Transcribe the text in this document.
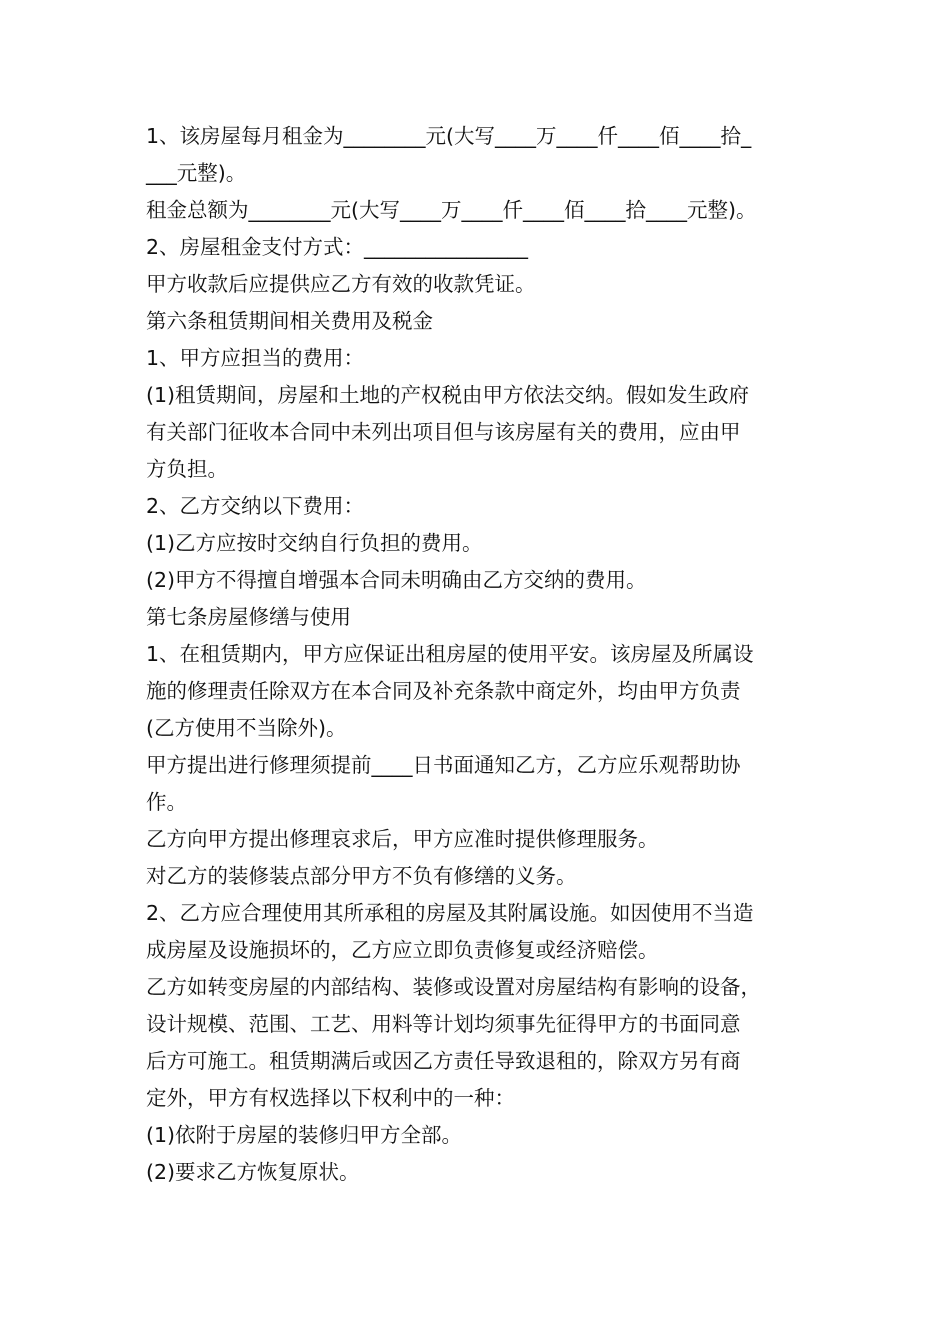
1、该房屋每月租金为________元(大写____万____仟____佰____拾_
___元整)。
租金总额为________元(大写____万____仟____佰____拾____元整)。
2、房屋租金支付方式：________________
甲方收款后应提供应乙方有效的收款凭证。
第六条租赁期间相关费用及税金
1、甲方应担当的费用：
(1)租赁期间，房屋和土地的产权税由甲方依法交纳。假如发生政府
有关部门征收本合同中未列出项目但与该房屋有关的费用，应由甲
方负担。
2、乙方交纳以下费用：
(1)乙方应按时交纳自行负担的费用。
(2)甲方不得擅自增强本合同未明确由乙方交纳的费用。
第七条房屋修缮与使用
1、在租赁期内，甲方应保证出租房屋的使用平安。该房屋及所属设
施的修理责任除双方在本合同及补充条款中商定外，均由甲方负责
(乙方使用不当除外)。
甲方提出进行修理须提前____日书面通知乙方，乙方应乐观帮助协
作。
乙方向甲方提出修理哀求后，甲方应准时提供修理服务。
对乙方的装修装点部分甲方不负有修缮的义务。
2、乙方应合理使用其所承租的房屋及其附属设施。如因使用不当造
成房屋及设施损坏的，乙方应立即负责修复或经济赔偿。
乙方如转变房屋的内部结构、装修或设置对房屋结构有影响的设备，
设计规模、范围、工艺、用料等计划均须事先征得甲方的书面同意
后方可施工。租赁期满后或因乙方责任导致退租的，除双方另有商
定外，甲方有权选择以下权利中的一种：
(1)依附于房屋的装修归甲方全部。
(2)要求乙方恢复原状。
